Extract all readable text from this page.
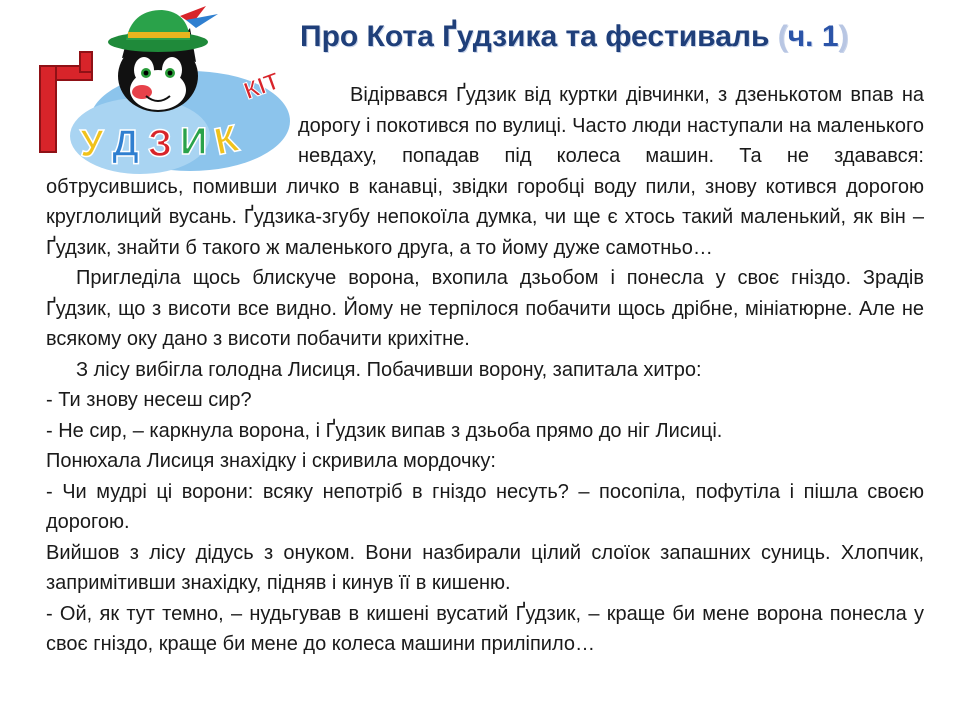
Про Кота Ґудзика та фестиваль (ч. 1)
У Д З И К
КІТ	Відірвався Ґудзик від куртки дівчинки, з дзенькотом впав на дорогу і покотився по вулиці. Часто люди наступали на маленького невдаху, попадав під колеса машин. Та не здавався: обтрусившись, помивши личко в канавці, звідки горобці воду пили, знову котився дорогою круглолиций вусань. Ґудзика-згубу непокоїла думка, чи ще є хтось такий маленький, як він – Ґудзик, знайти б такого ж маленького друга, а то йому дуже самотньо…

Пригледіла щось блискуче ворона, вхопила дзьобом і понесла у своє гніздо. Зрадів Ґудзик, що з висоти все видно. Йому не терпілося побачити щось дрібне, мініатюрне. Але не всякому оку дано з висоти побачити крихітне.

З лісу вибігла голодна Лисиця. Побачивши ворону, запитала хитро:

- Ти знову несеш сир?

- Не сир, – каркнула ворона, і Ґудзик випав з дзьоба прямо до ніг Лисиці.

Понюхала Лисиця знахідку і скривила мордочку:

- Чи мудрі ці ворони: всяку непотріб в гніздо несуть? – посопіла, пофутіла і пішла своєю дорогою.

Вийшов з лісу дідусь з онуком. Вони назбирали цілий слоїок запашних суниць. Хлопчик, запримітивши знахідку, підняв і кинув її в кишеню.

- Ой, як тут темно, – нудьгував в кишені вусатий Ґудзик, – краще би мене ворона понесла у своє гніздо, краще би мене до колеса машини приліпило…
